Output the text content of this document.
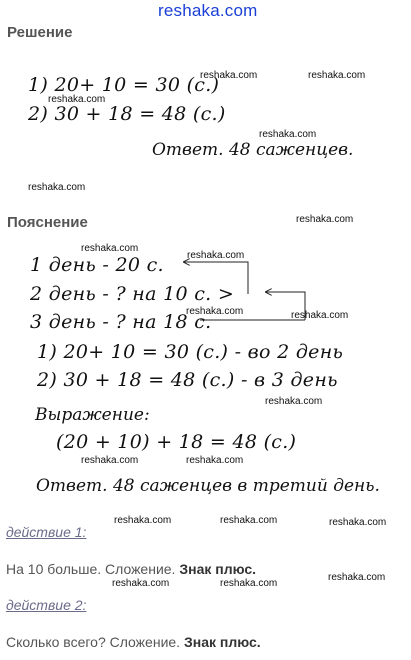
reshaka.com
Решение
1) 20+ 10 = 30 (с.)
2) 30 + 18 = 48 (с.)
Ответ. 48 саженцев.
Пояснение
1 день - 20 с.
2 день - ? на 10 с. >
3 день - ? на 18 с.
1) 20+ 10 = 30 (с.) - во 2 день
2) 30 + 18 = 48 (с.) - в 3 день
Выражение:
(20 + 10) + 18 = 48 (с.)
Ответ. 48 саженцев в третий день.
действие 1:
На 10 больше. Сложение. Знак плюс.
действие 2:
Сколько всего? Сложение. Знак плюс.
reshaka.com	reshaka.com
reshaka.com
reshaka.com
reshaka.com
reshaka.com
reshaka.com
reshaka.com
reshaka.com	reshaka.com
reshaka.com
reshaka.com	reshaka.com
reshaka.com
reshaka.com	reshaka.com
reshaka.com	reshaka.com
reshaka.com
